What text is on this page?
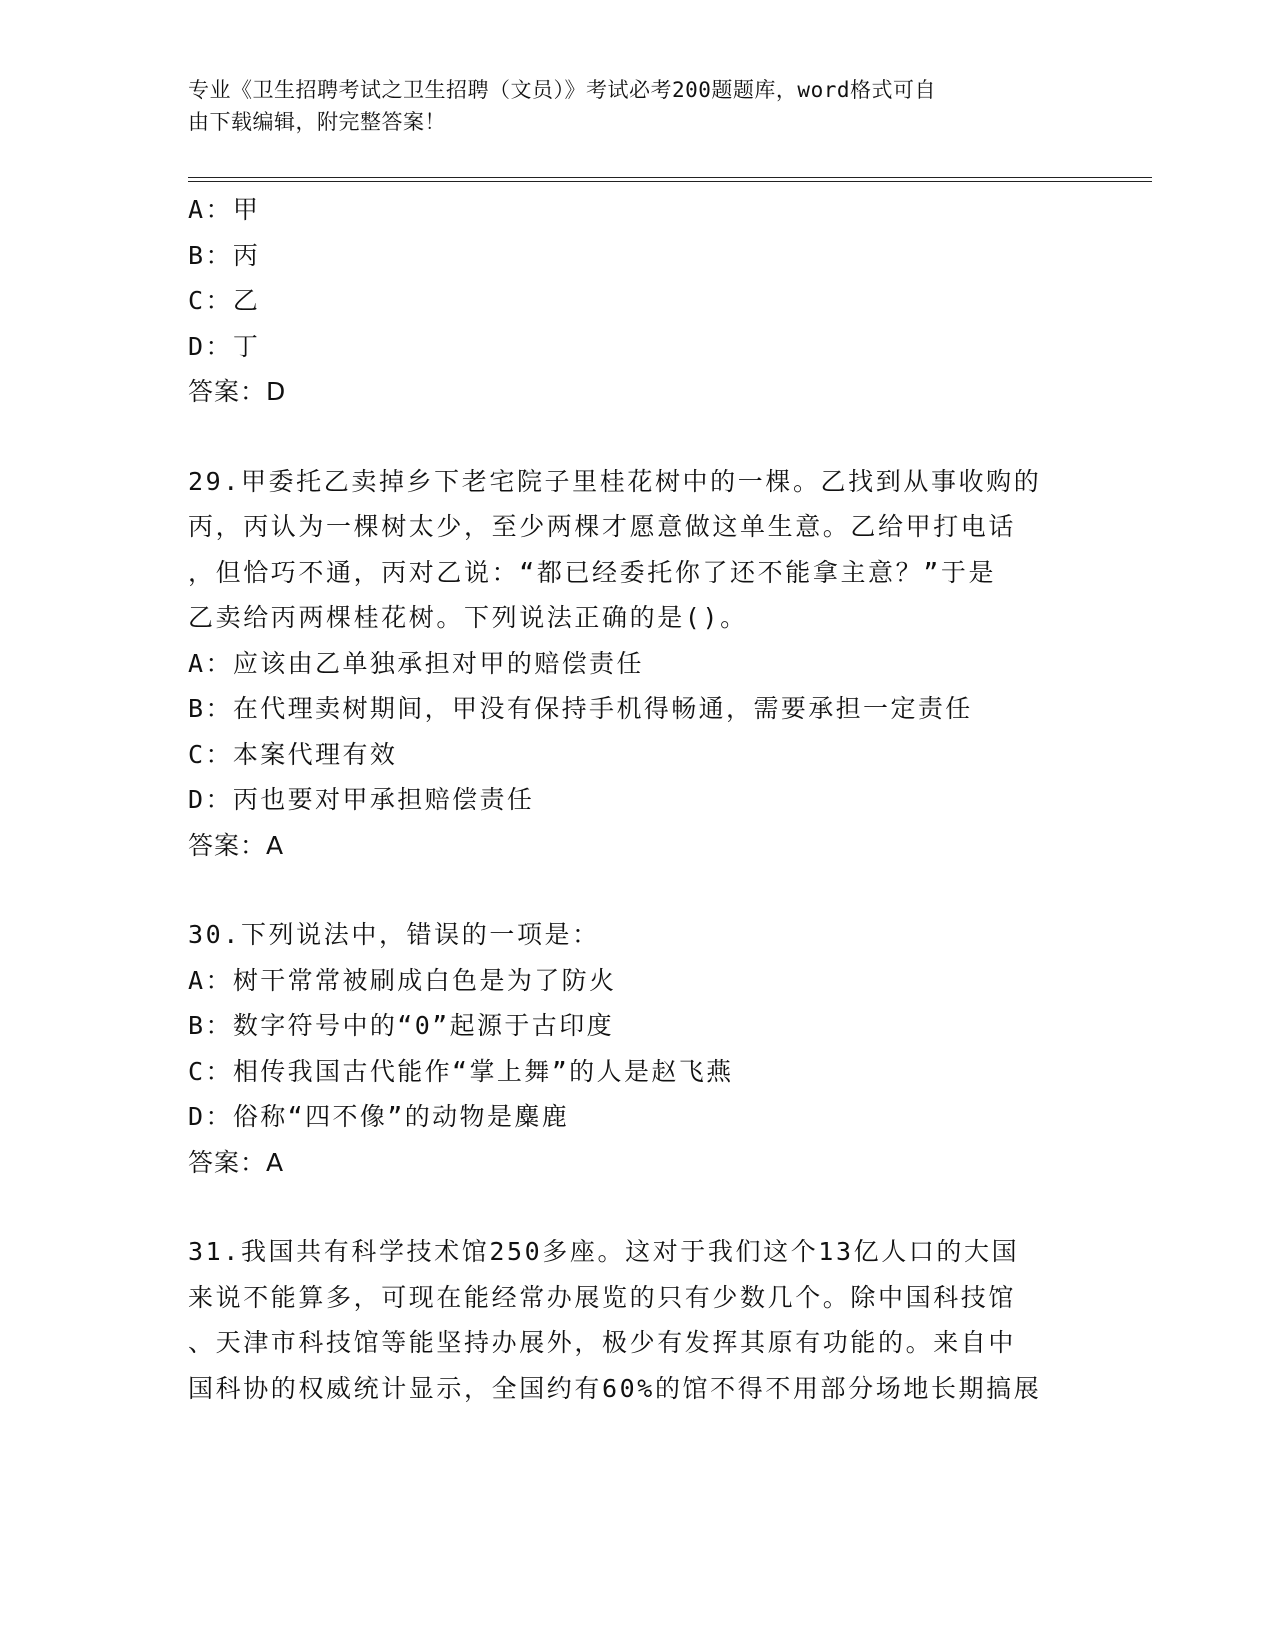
专业《卫生招聘考试之卫生招聘（文员）》考试必考200题题库，word格式可自
由下载编辑，附完整答案！
A：甲
B：丙
C：乙
D：丁
答案：D
29.甲委托乙卖掉乡下老宅院子里桂花树中的一棵。乙找到从事收购的
丙，丙认为一棵树太少，至少两棵才愿意做这单生意。乙给甲打电话
，但恰巧不通，丙对乙说：“都已经委托你了还不能拿主意？”于是
乙卖给丙两棵桂花树。下列说法正确的是()。
A：应该由乙单独承担对甲的赔偿责任
B：在代理卖树期间，甲没有保持手机得畅通，需要承担一定责任
C：本案代理有效
D：丙也要对甲承担赔偿责任
答案：A
30.下列说法中，错误的一项是：
A：树干常常被刷成白色是为了防火
B：数字符号中的“0”起源于古印度
C：相传我国古代能作“掌上舞”的人是赵飞燕
D：俗称“四不像”的动物是麋鹿
答案：A
31.我国共有科学技术馆250多座。这对于我们这个13亿人口的大国
来说不能算多，可现在能经常办展览的只有少数几个。除中国科技馆
、天津市科技馆等能坚持办展外，极少有发挥其原有功能的。来自中
国科协的权威统计显示，全国约有60%的馆不得不用部分场地长期搞展
